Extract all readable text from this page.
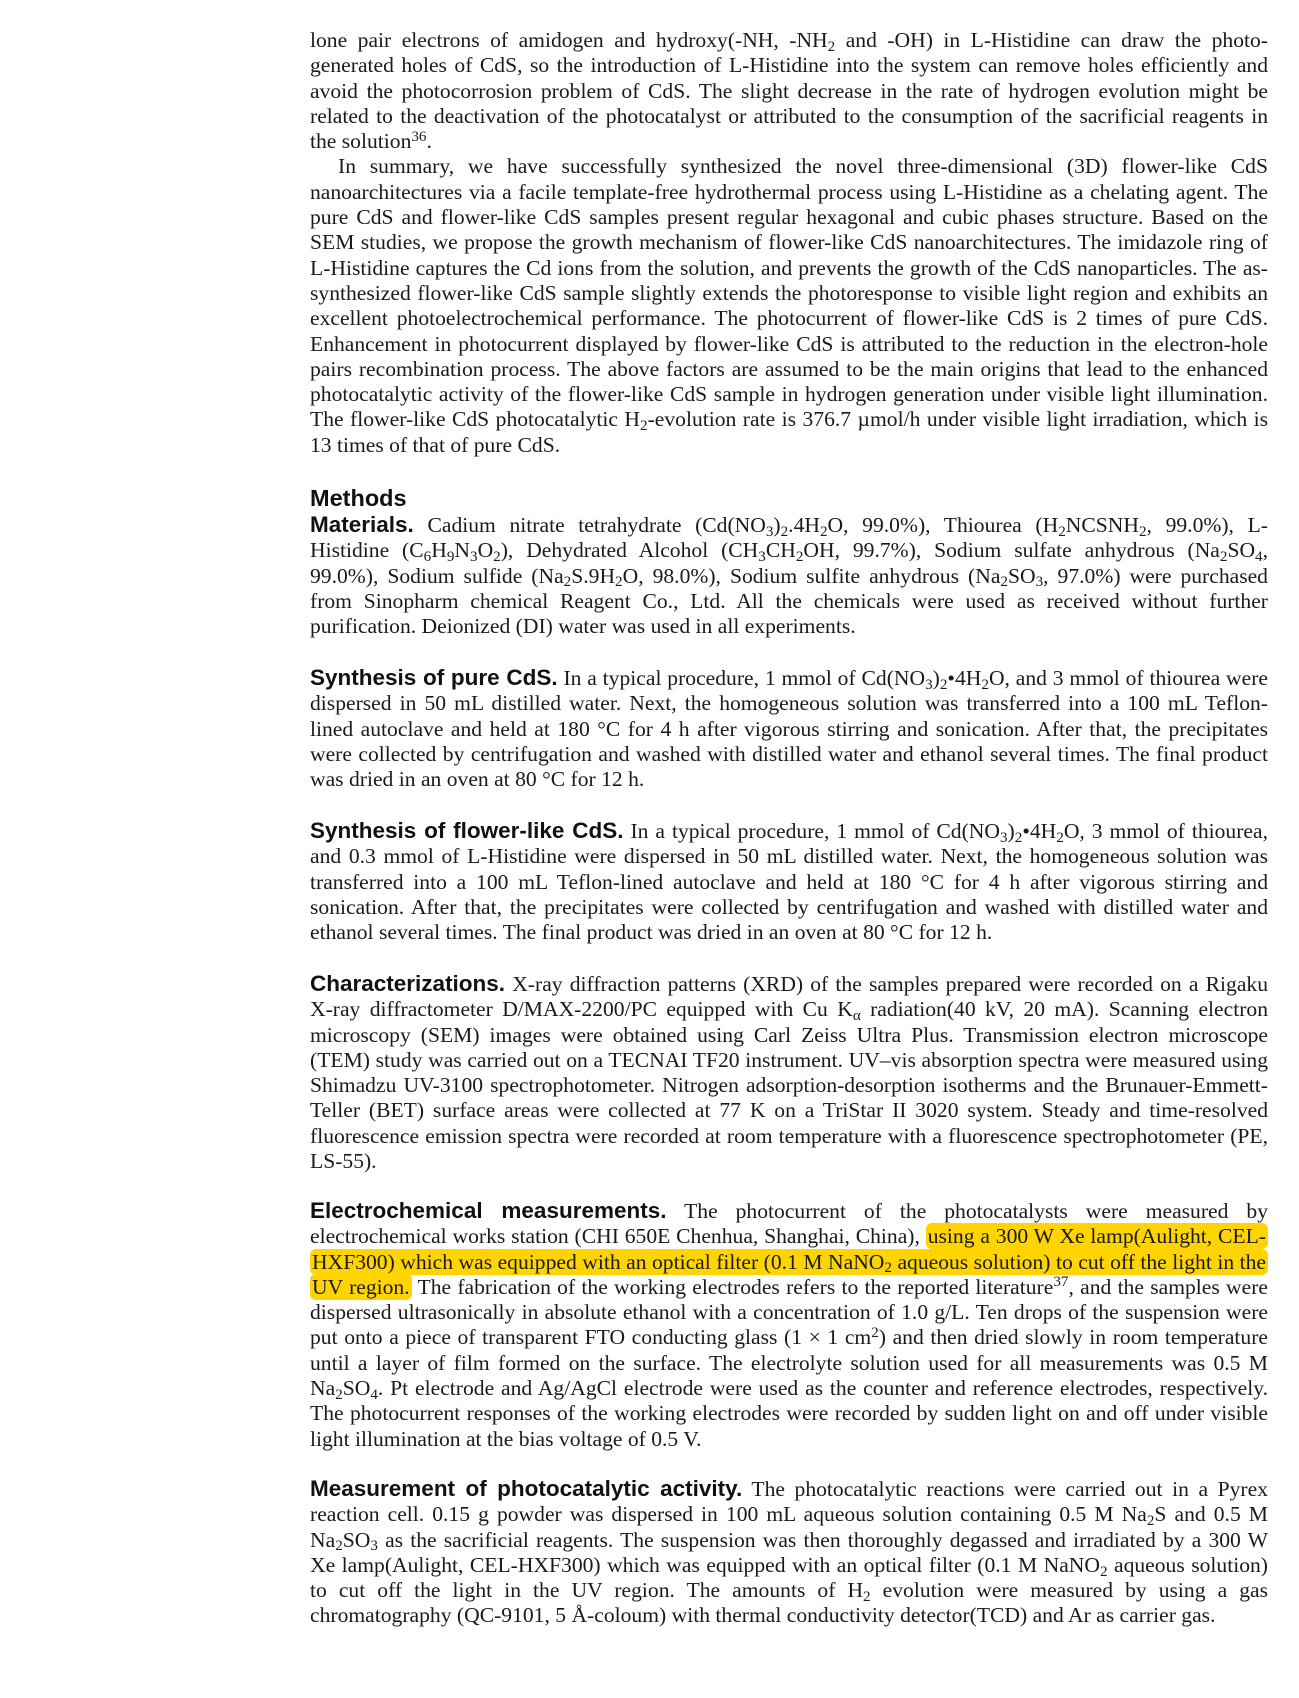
lone pair electrons of amidogen and hydroxy(-NH, $-NH_2$ and -OH) in L-Histidine can draw the photo-generated holes of CdS, so the introduction of L-Histidine into the system can remove holes efficiently and avoid the photocorrosion problem of CdS. The slight decrease in the rate of hydrogen evolution might be related to the deactivation of the photocatalyst or attributed to the consumption of the sacrificial reagents in the solution$^{36}$.

In summary, we have successfully synthesized the novel three-dimensional (3D) flower-like CdS nanoarchitectures via a facile template-free hydrothermal process using L-Histidine as a chelating agent. The pure CdS and flower-like CdS samples present regular hexagonal and cubic phases structure. Based on the SEM studies, we propose the growth mechanism of flower-like CdS nanoarchitectures. The imidazole ring of L-Histidine captures the Cd ions from the solution, and prevents the growth of the CdS nanoparticles. The as-synthesized flower-like CdS sample slightly extends the photoresponse to visible light region and exhibits an excellent photoelectrochemical performance. The photocurrent of flower-like CdS is 2 times of pure CdS. Enhancement in photocurrent displayed by flower-like CdS is attributed to the reduction in the electron-hole pairs recombination process. The above factors are assumed to be the main origins that lead to the enhanced photocatalytic activity of the flower-like CdS sample in hydrogen generation under visible light illumination. The flower-like CdS photocatalytic $H_2$-evolution rate is 376.7 µmol/h under visible light irradiation, which is 13 times of that of pure CdS.

Methods

Materials. Cadium nitrate tetrahydrate ($Cd(NO_3)_2.4H_2O$, 99.0%), Thiourea ($H_2NCSNH_2$, 99.0%), L-Histidine $(C_6H_9N_3O_2)$, Dehydrated Alcohol ($CH_3CH_2OH$, 99.7%), Sodium sulfate anhydrous ($Na_2SO_4$, 99.0%), Sodium sulfide ($Na_2S.9H_2O$, 98.0%), Sodium sulfite anhydrous ($Na_2SO_3$, 97.0%) were purchased from Sinopharm chemical Reagent Co., Ltd. All the chemicals were used as received without further purification. Deionized (DI) water was used in all experiments.

Synthesis of pure CdS. In a typical procedure, 1 mmol of $Cd(NO_3)_2•4H_2O$, and 3 mmol of thiourea were dispersed in 50 mL distilled water. Next, the homogeneous solution was transferred into a 100 mL Teflon-lined autoclave and held at 180 °C for 4 h after vigorous stirring and sonication. After that, the precipitates were collected by centrifugation and washed with distilled water and ethanol several times. The final product was dried in an oven at 80 °C for 12 h.

Synthesis of flower-like CdS. In a typical procedure, 1 mmol of $Cd(NO_3)_2•4H_2O$, 3 mmol of thiourea, and 0.3 mmol of L-Histidine were dispersed in 50 mL distilled water. Next, the homogeneous solution was transferred into a 100 mL Teflon-lined autoclave and held at 180 °C for 4 h after vigorous stirring and sonication. After that, the precipitates were collected by centrifugation and washed with distilled water and ethanol several times. The final product was dried in an oven at 80 °C for 12 h.

Characterizations. X-ray diffraction patterns (XRD) of the samples prepared were recorded on a Rigaku X-ray diffractometer D/MAX-2200/PC equipped with Cu $K_\alpha$ radiation(40 kV, 20 mA). Scanning electron microscopy (SEM) images were obtained using Carl Zeiss Ultra Plus. Transmission electron microscope (TEM) study was carried out on a TECNAI TF20 instrument. UV–vis absorption spectra were measured using Shimadzu UV-3100 spectrophotometer. Nitrogen adsorption-desorption isotherms and the Brunauer-Emmett-Teller (BET) surface areas were collected at 77 K on a TriStar II 3020 system. Steady and time-resolved fluorescence emission spectra were recorded at room temperature with a fluorescence spectrophotometer (PE, LS-55).

Electrochemical measurements. The photocurrent of the photocatalysts were measured by electrochemical works station (CHI 650E Chenhua, Shanghai, China), using a 300 W Xe lamp(Aulight, CEL-HXF300) which was equipped with an optical filter (0.1 M NaNO$_2$ aqueous solution) to cut off the light in the UV region. The fabrication of the working electrodes refers to the reported literature$^{37}$, and the samples were dispersed ultrasonically in absolute ethanol with a concentration of 1.0 g/L. Ten drops of the suspension were put onto a piece of transparent FTO conducting glass (1 × 1 $cm^2$) and then dried slowly in room temperature until a layer of film formed on the surface. The electrolyte solution used for all measurements was 0.5 M $Na_2SO_4$. Pt electrode and Ag/AgCl electrode were used as the counter and reference electrodes, respectively. The photocurrent responses of the working electrodes were recorded by sudden light on and off under visible light illumination at the bias voltage of 0.5 V.

Measurement of photocatalytic activity. The photocatalytic reactions were carried out in a Pyrex reaction cell. 0.15 g powder was dispersed in 100 mL aqueous solution containing 0.5 M $Na_2S$ and 0.5 M $Na_2SO_3$ as the sacrificial reagents. The suspension was then thoroughly degassed and irradiated by a 300 W Xe lamp(Aulight, CEL-HXF300) which was equipped with an optical filter (0.1 M NaNO$_2$ aqueous solution) to cut off the light in the UV region. The amounts of $H_2$ evolution were measured by using a gas chromatography (QC-9101, 5 Å-coloum) with thermal conductivity detector(TCD) and Ar as carrier gas.
